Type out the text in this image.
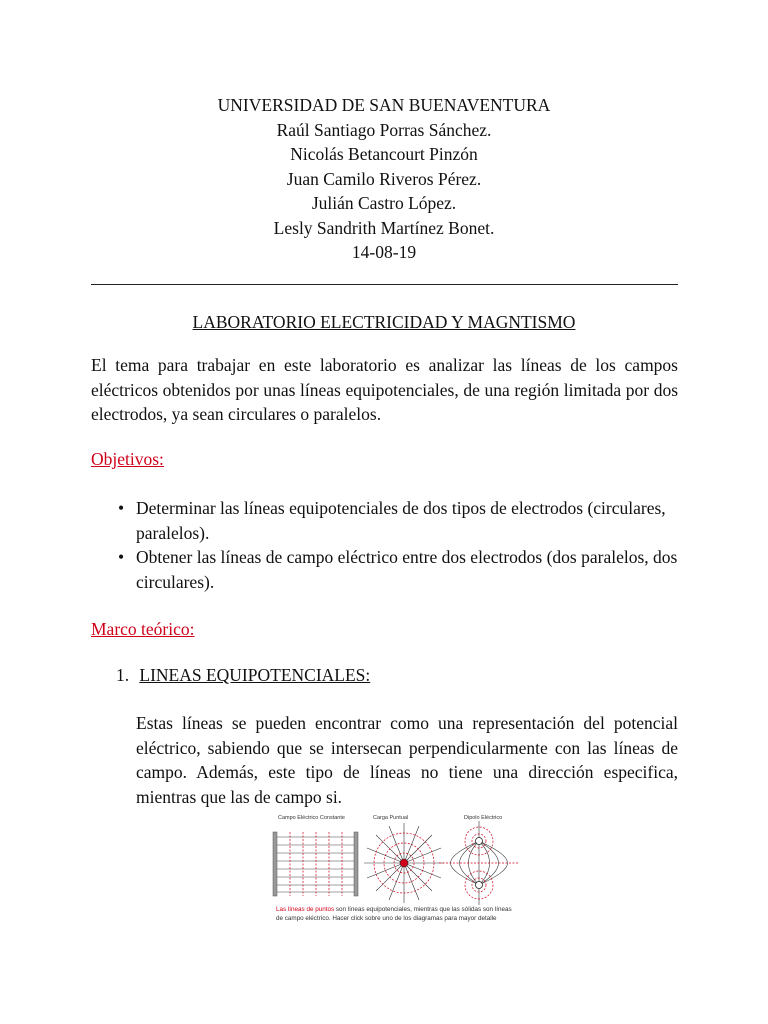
UNIVERSIDAD DE SAN BUENAVENTURA
Raúl Santiago Porras Sánchez.
Nicolás Betancourt Pinzón
Juan Camilo Riveros Pérez.
Julián Castro López.
Lesly Sandrith Martínez Bonet.
14-08-19
LABORATORIO ELECTRICIDAD Y MAGNTISMO
El tema para trabajar en este laboratorio es analizar las líneas de los campos eléctricos obtenidos por unas líneas equipotenciales, de una región limitada por dos electrodos, ya sean circulares o paralelos.
Objetivos:
• Determinar las líneas equipotenciales de dos tipos de electrodos (circulares, paralelos).
• Obtener las líneas de campo eléctrico entre dos electrodos (dos paralelos, dos circulares).
Marco teórico:
1. LINEAS EQUIPOTENCIALES:
Estas líneas se pueden encontrar como una representación del potencial eléctrico, sabiendo que se intersecan perpendicularmente con las líneas de campo. Además, este tipo de líneas no tiene una dirección especifica, mientras que las de campo si.
Campo Eléctrico Constante	Carga Puntual	Dipolo Eléctrico
Las líneas de puntos son líneas equipotenciales, mientras que las sólidas son líneas de campo eléctrico. Hacer click sobre uno de los diagramas para mayor detalle
